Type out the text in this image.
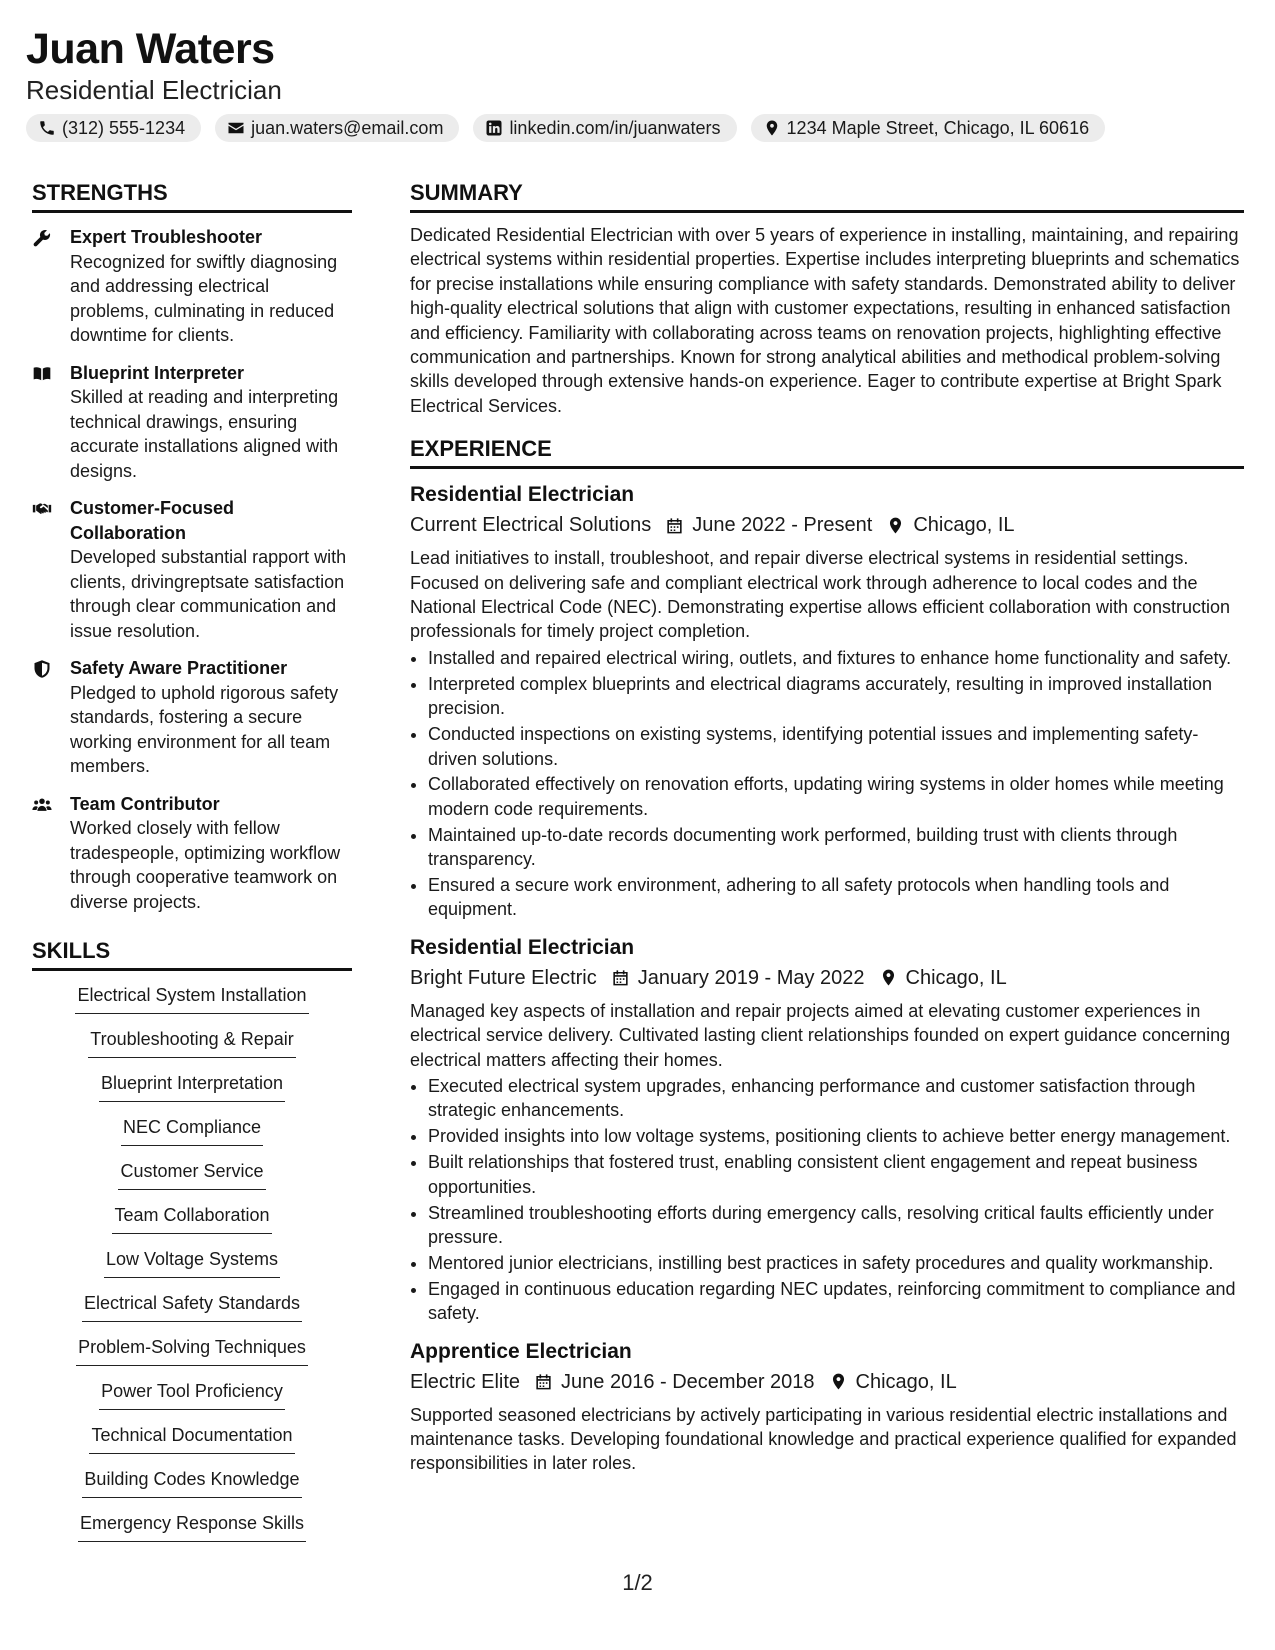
Juan Waters
Residential Electrician
(312) 555-1234	juan.waters@email.com	linkedin.com/in/juanwaters	1234 Maple Street, Chicago, IL 60616
STRENGTHS
Expert Troubleshooter
Recognized for swiftly diagnosing and addressing electrical problems, culminating in reduced downtime for clients.
Blueprint Interpreter
Skilled at reading and interpreting technical drawings, ensuring accurate installations aligned with designs.
Customer-Focused Collaboration
Developed substantial rapport with clients, drivingreptsate satisfaction through clear communication and issue resolution.
Safety Aware Practitioner
Pledged to uphold rigorous safety standards, fostering a secure working environment for all team members.
Team Contributor
Worked closely with fellow tradespeople, optimizing workflow through cooperative teamwork on diverse projects.
SKILLS
Electrical System Installation
Troubleshooting & Repair
Blueprint Interpretation
NEC Compliance
Customer Service
Team Collaboration
Low Voltage Systems
Electrical Safety Standards
Problem-Solving Techniques
Power Tool Proficiency
Technical Documentation
Building Codes Knowledge
Emergency Response Skills
SUMMARY

Dedicated Residential Electrician with over 5 years of experience in installing, maintaining, and repairing electrical systems within residential properties. Expertise includes interpreting blueprints and schematics for precise installations while ensuring compliance with safety standards. Demonstrated ability to deliver high-quality electrical solutions that align with customer expectations, resulting in enhanced satisfaction and efficiency. Familiarity with collaborating across teams on renovation projects, highlighting effective communication and partnerships. Known for strong analytical abilities and methodical problem-solving skills developed through extensive hands-on experience. Eager to contribute expertise at Bright Spark Electrical Services.

EXPERIENCE
Residential Electrician
Current Electrical Solutions June 2022 - Present Chicago, IL
Lead initiatives to install, troubleshoot, and repair diverse electrical systems in residential settings. Focused on delivering safe and compliant electrical work through adherence to local codes and the National Electrical Code (NEC). Demonstrating expertise allows efficient collaboration with construction professionals for timely project completion.
• Installed and repaired electrical wiring, outlets, and fixtures to enhance home functionality and safety.
• Interpreted complex blueprints and electrical diagrams accurately, resulting in improved installation precision.
• Conducted inspections on existing systems, identifying potential issues and implementing safety-driven solutions.
• Collaborated effectively on renovation efforts, updating wiring systems in older homes while meeting modern code requirements.
• Maintained up-to-date records documenting work performed, building trust with clients through transparency.
• Ensured a secure work environment, adhering to all safety protocols when handling tools and equipment.
Residential Electrician
Bright Future Electric January 2019 - May 2022 Chicago, IL
Managed key aspects of installation and repair projects aimed at elevating customer experiences in electrical service delivery. Cultivated lasting client relationships founded on expert guidance concerning electrical matters affecting their homes.
• Executed electrical system upgrades, enhancing performance and customer satisfaction through strategic enhancements.
• Provided insights into low voltage systems, positioning clients to achieve better energy management.
• Built relationships that fostered trust, enabling consistent client engagement and repeat business opportunities.
• Streamlined troubleshooting efforts during emergency calls, resolving critical faults efficiently under pressure.
• Mentored junior electricians, instilling best practices in safety procedures and quality workmanship.
• Engaged in continuous education regarding NEC updates, reinforcing commitment to compliance and safety.
Apprentice Electrician
Electric Elite June 2016 - December 2018 Chicago, IL
Supported seasoned electricians by actively participating in various residential electric installations and maintenance tasks. Developing foundational knowledge and practical experience qualified for expanded responsibilities in later roles.
1/2
